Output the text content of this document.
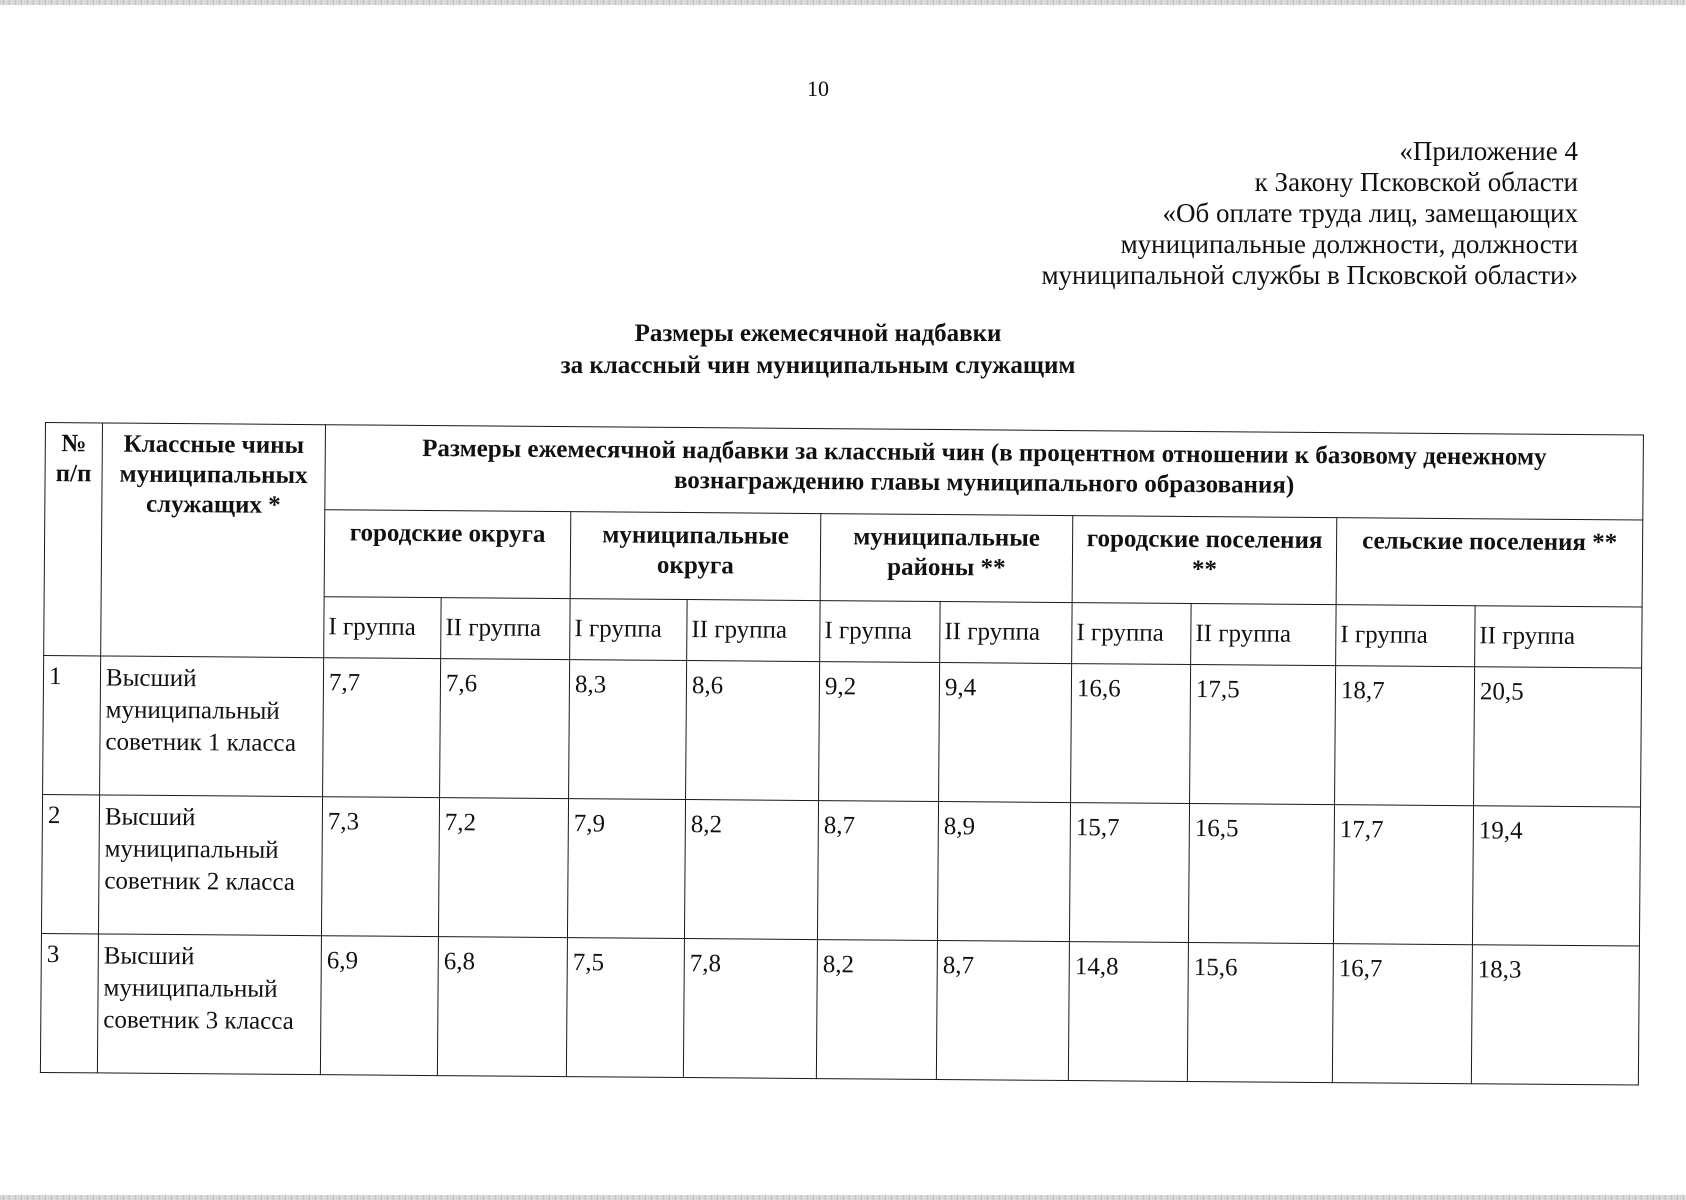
10
«Приложение 4
к Закону Псковской области
«Об оплате труда лиц, замещающих
муниципальные должности, должности
муниципальной службы в Псковской области»
Размеры ежемесячной надбавки
за классный чин муниципальным служащим
№ п/п	Классные чины муниципальных служащих *	Размеры ежемесячной надбавки за классный чин (в процентном отношении к базовому денежному вознаграждению главы муниципального образования)									
		городские округа		муниципальные округа		муниципальные районы **		городские поселения **		сельские поселения **	
		I группа	II группа	I группа	II группа	I группа	II группа	I группа	II группа	I группа	II группа
1	Высший муниципальный советник 1 класса	7,7	7,6	8,3	8,6	9,2	9,4	16,6	17,5	18,7	20,5
2	Высший муниципальный советник 2 класса	7,3	7,2	7,9	8,2	8,7	8,9	15,7	16,5	17,7	19,4
3	Высший муниципальный советник 3 класса	6,9	6,8	7,5	7,8	8,2	8,7	14,8	15,6	16,7	18,3
